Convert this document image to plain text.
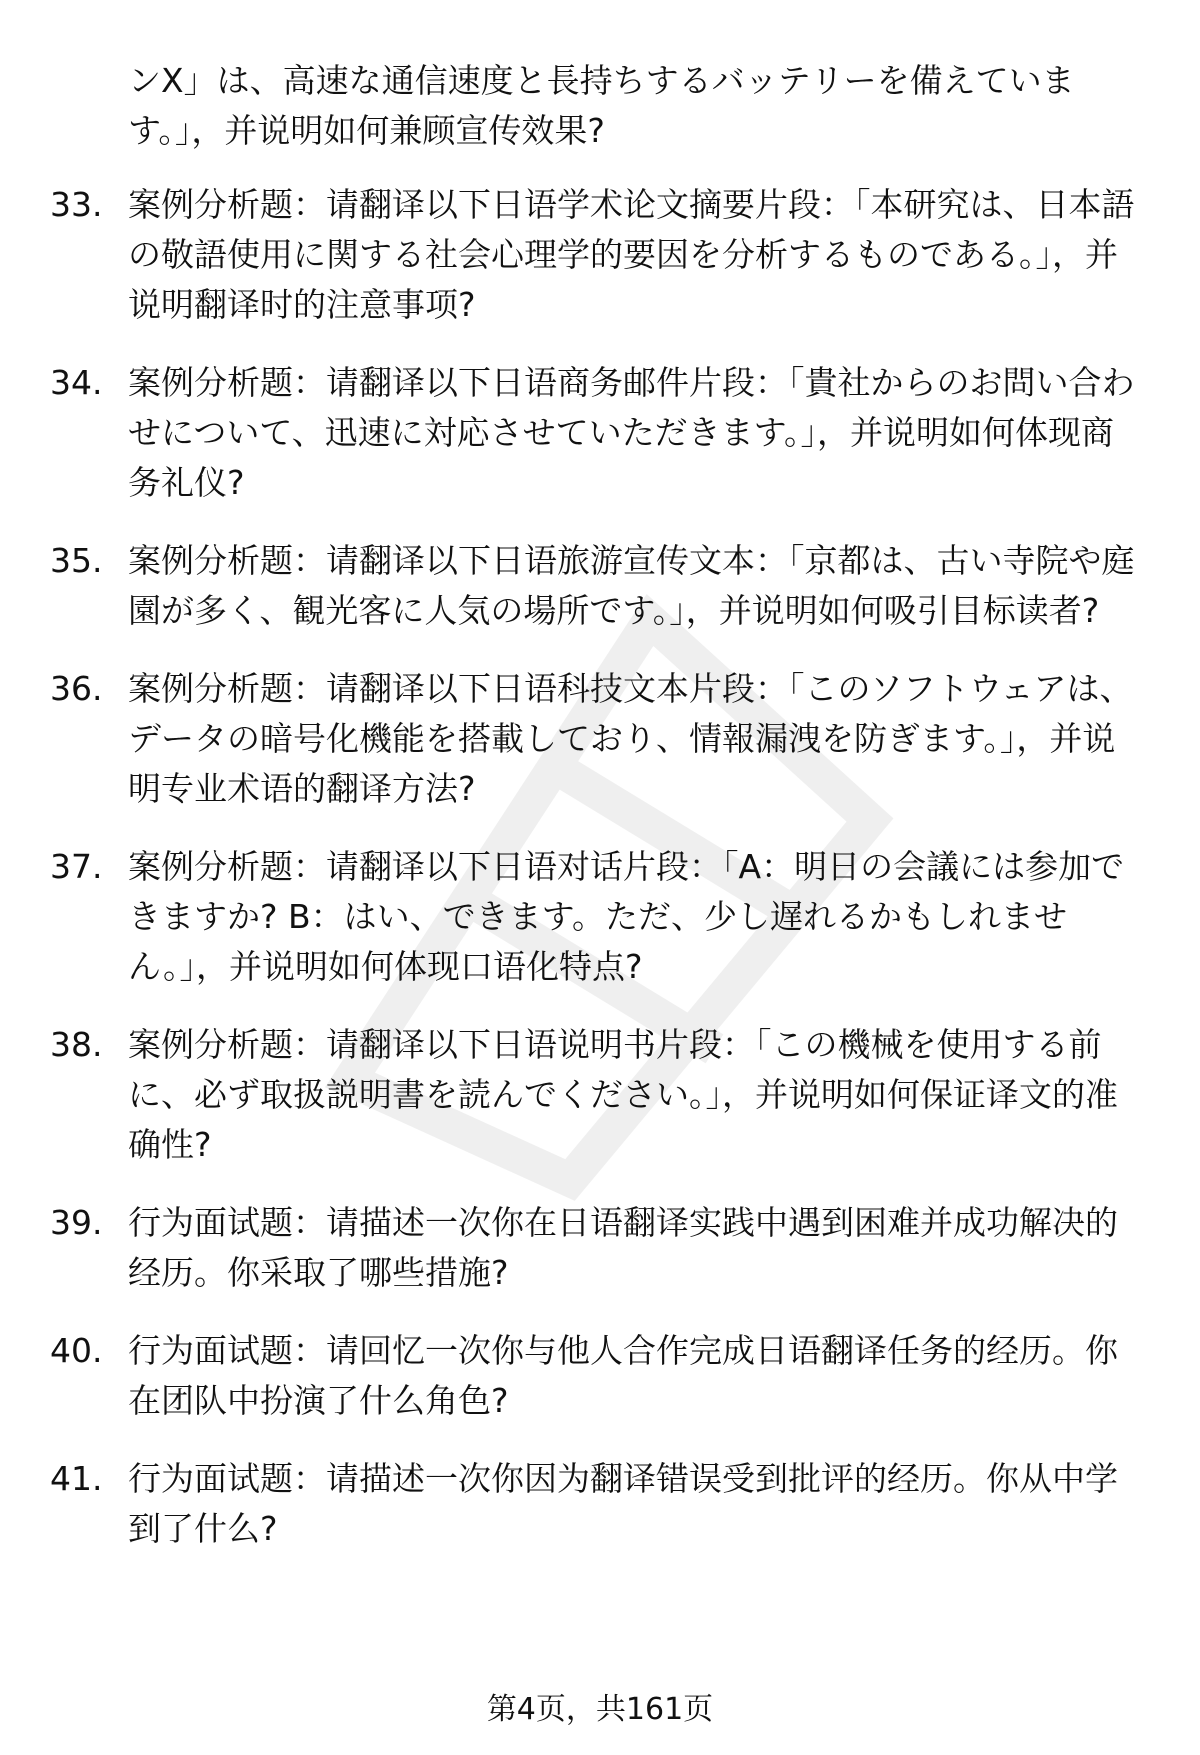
ンX」は、高速な通信速度と長持ちするバッテリーを備えています。」，并说明如何兼顾宣传效果?
33. 案例分析题：请翻译以下日语学术论文摘要片段：「本研究は、日本語の敬語使用に関する社会心理学的要因を分析するものである。」，并说明翻译时的注意事项?
34. 案例分析题：请翻译以下日语商务邮件片段：「貴社からのお問い合わせについて、迅速に対応させていただきます。」，并说明如何体现商务礼仪?
35. 案例分析题：请翻译以下日语旅游宣传文本：「京都は、古い寺院や庭園が多く、観光客に人気の場所です。」，并说明如何吸引目标读者?
36. 案例分析题：请翻译以下日语科技文本片段：「このソフトウェアは、データの暗号化機能を搭載しており、情報漏洩を防ぎます。」，并说明专业术语的翻译方法?
37. 案例分析题：请翻译以下日语对话片段：「A：明日の会議には参加できますか? B：はい、できます。ただ、少し遅れるかもしれません。」，并说明如何体现口语化特点?
38. 案例分析题：请翻译以下日语说明书片段：「この機械を使用する前に、必ず取扱説明書を読んでください。」，并说明如何保证译文的准确性?
39. 行为面试题：请描述一次你在日语翻译实践中遇到困难并成功解决的经历。你采取了哪些措施?
40. 行为面试题：请回忆一次你与他人合作完成日语翻译任务的经历。你在团队中扮演了什么角色?
41. 行为面试题：请描述一次你因为翻译错误受到批评的经历。你从中学到了什么?
第4页，共161页
